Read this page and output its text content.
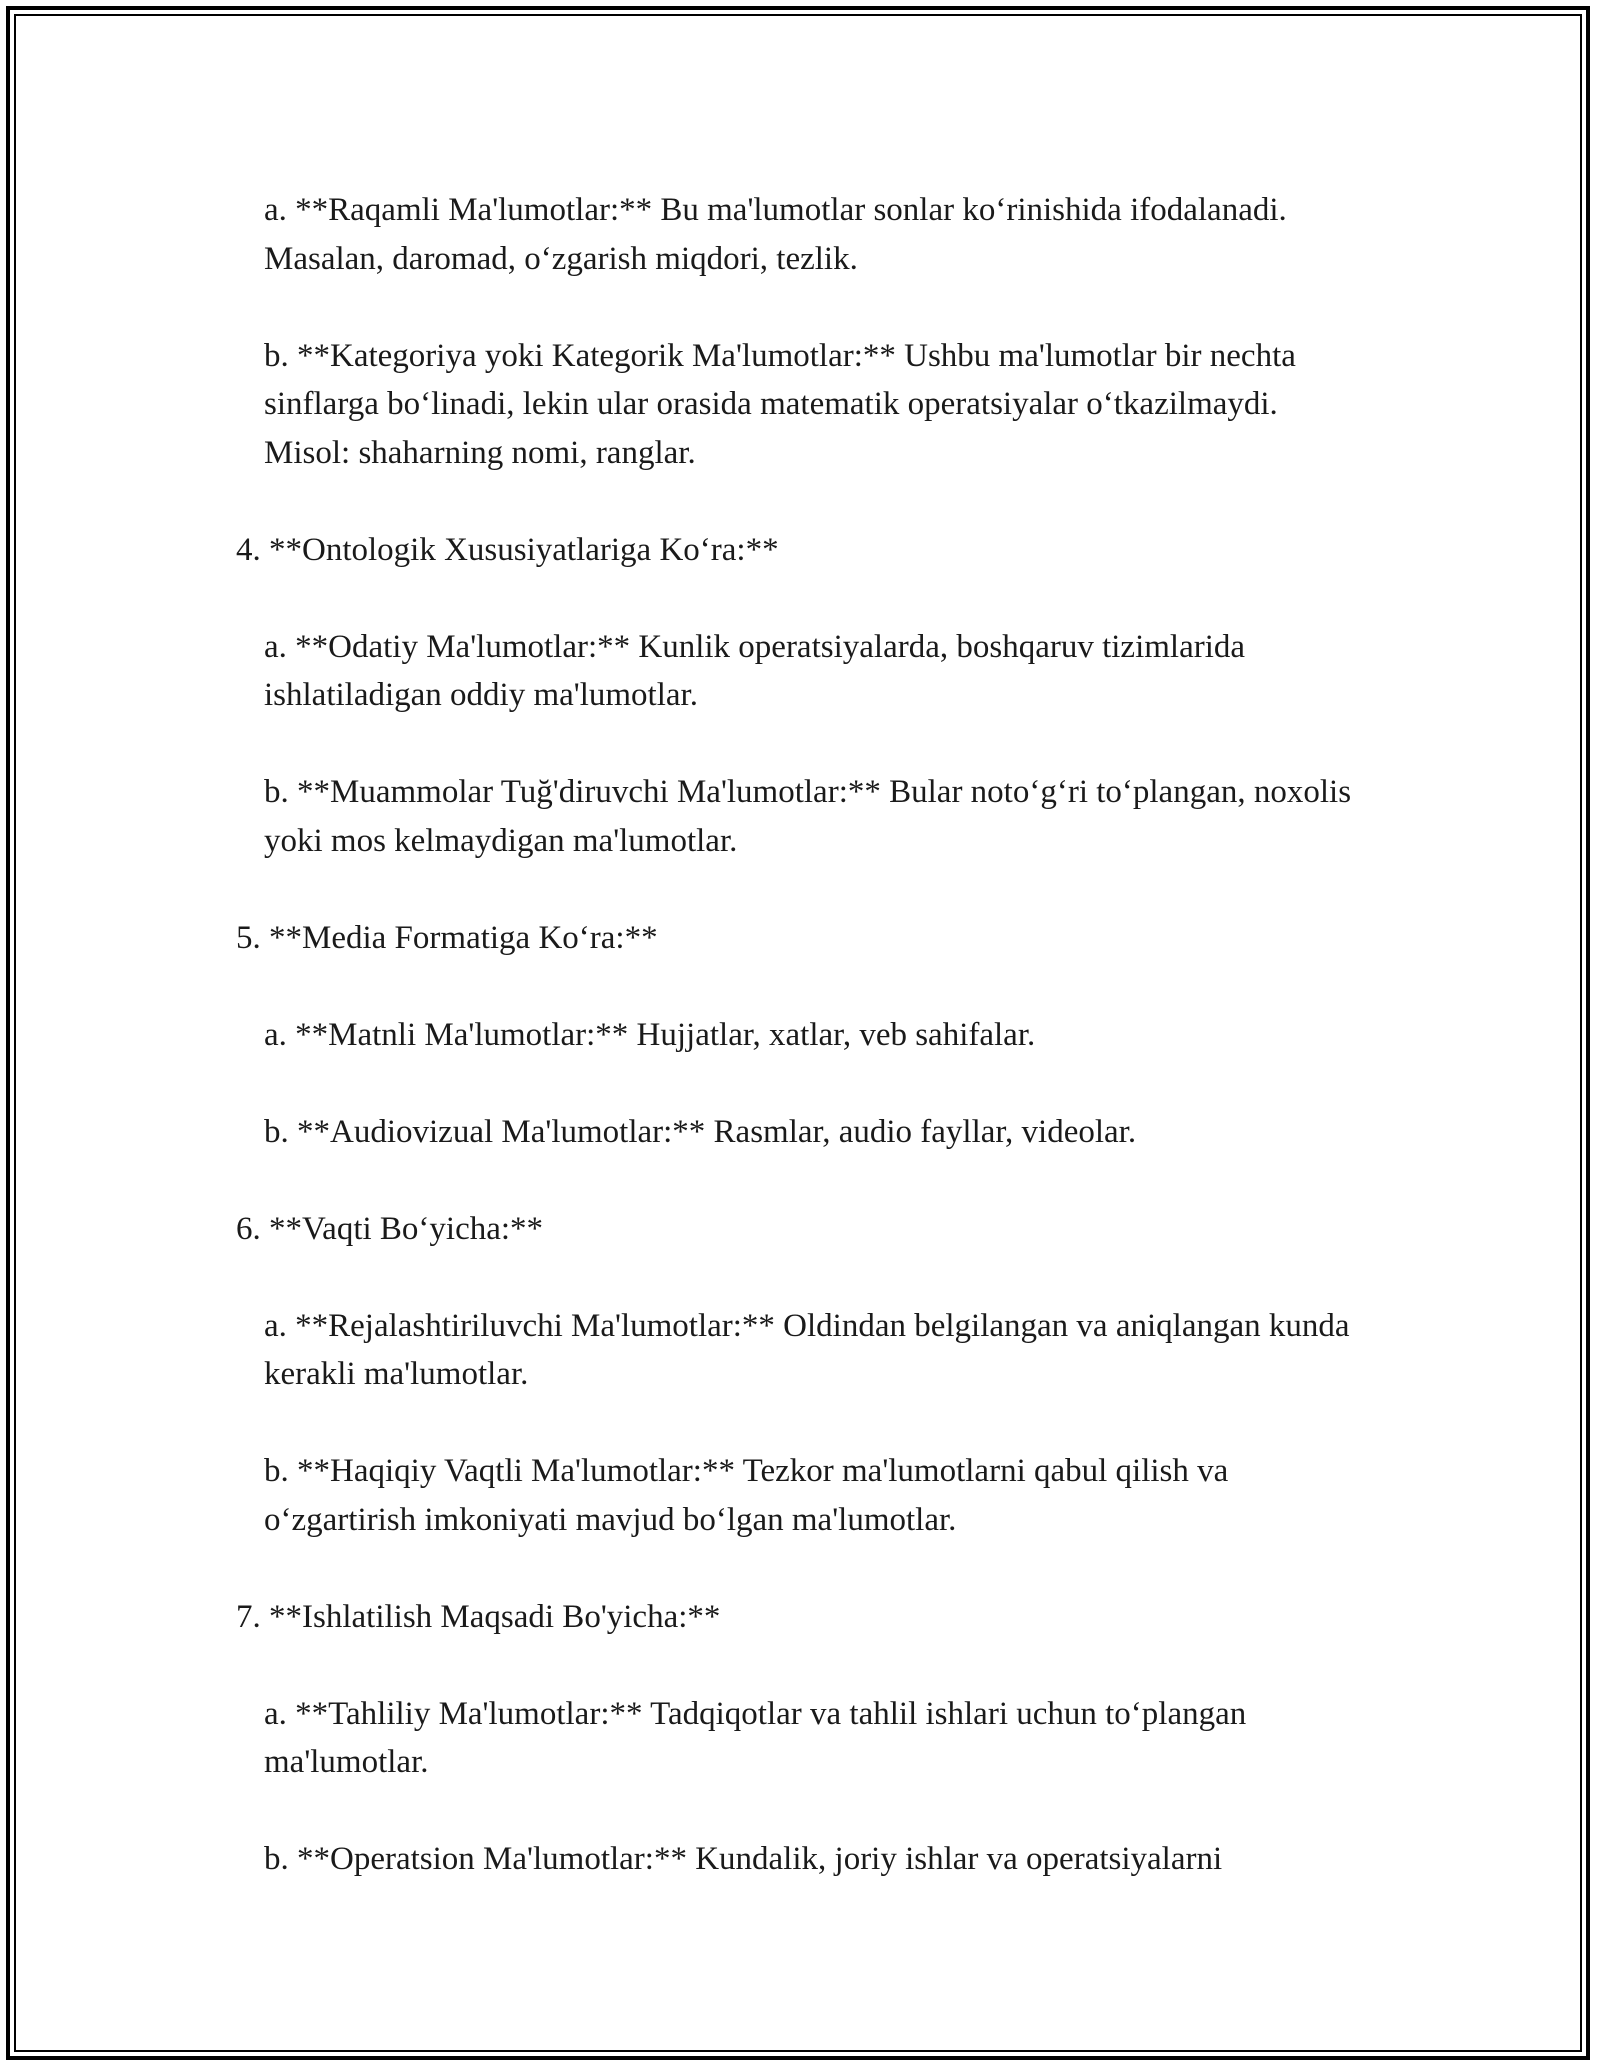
a. **Raqamli Ma'lumotlar:** Bu ma'lumotlar sonlar ko‘rinishida ifodalanadi. Masalan, daromad, o‘zgarish miqdori, tezlik.

b. **Kategoriya yoki Kategorik Ma'lumotlar:** Ushbu ma'lumotlar bir nechta sinflarga bo‘linadi, lekin ular orasida matematik operatsiyalar o‘tkazilmaydi. Misol: shaharning nomi, ranglar.

4. **Ontologik Xususiyatlariga Ko‘ra:**

a. **Odatiy Ma'lumotlar:** Kunlik operatsiyalarda, boshqaruv tizimlarida ishlatiladigan oddiy ma'lumotlar.

b. **Muammolar Tuğ'diruvchi Ma'lumotlar:** Bular noto‘g‘ri to‘plangan, noxolis yoki mos kelmaydigan ma'lumotlar.

5. **Media Formatiga Ko‘ra:**

a. **Matnli Ma'lumotlar:** Hujjatlar, xatlar, veb sahifalar.

b. **Audiovizual Ma'lumotlar:** Rasmlar, audio fayllar, videolar.

6. **Vaqti Bo‘yicha:**

a. **Rejalashtiriluvchi Ma'lumotlar:** Oldindan belgilangan va aniqlangan kunda kerakli ma'lumotlar.

b. **Haqiqiy Vaqtli Ma'lumotlar:** Tezkor ma'lumotlarni qabul qilish va o‘zgartirish imkoniyati mavjud bo‘lgan ma'lumotlar.

7. **Ishlatilish Maqsadi Bo'yicha:**

a. **Tahliliy Ma'lumotlar:** Tadqiqotlar va tahlil ishlari uchun to‘plangan ma'lumotlar.

b. **Operatsion Ma'lumotlar:** Kundalik, joriy ishlar va operatsiyalarni
